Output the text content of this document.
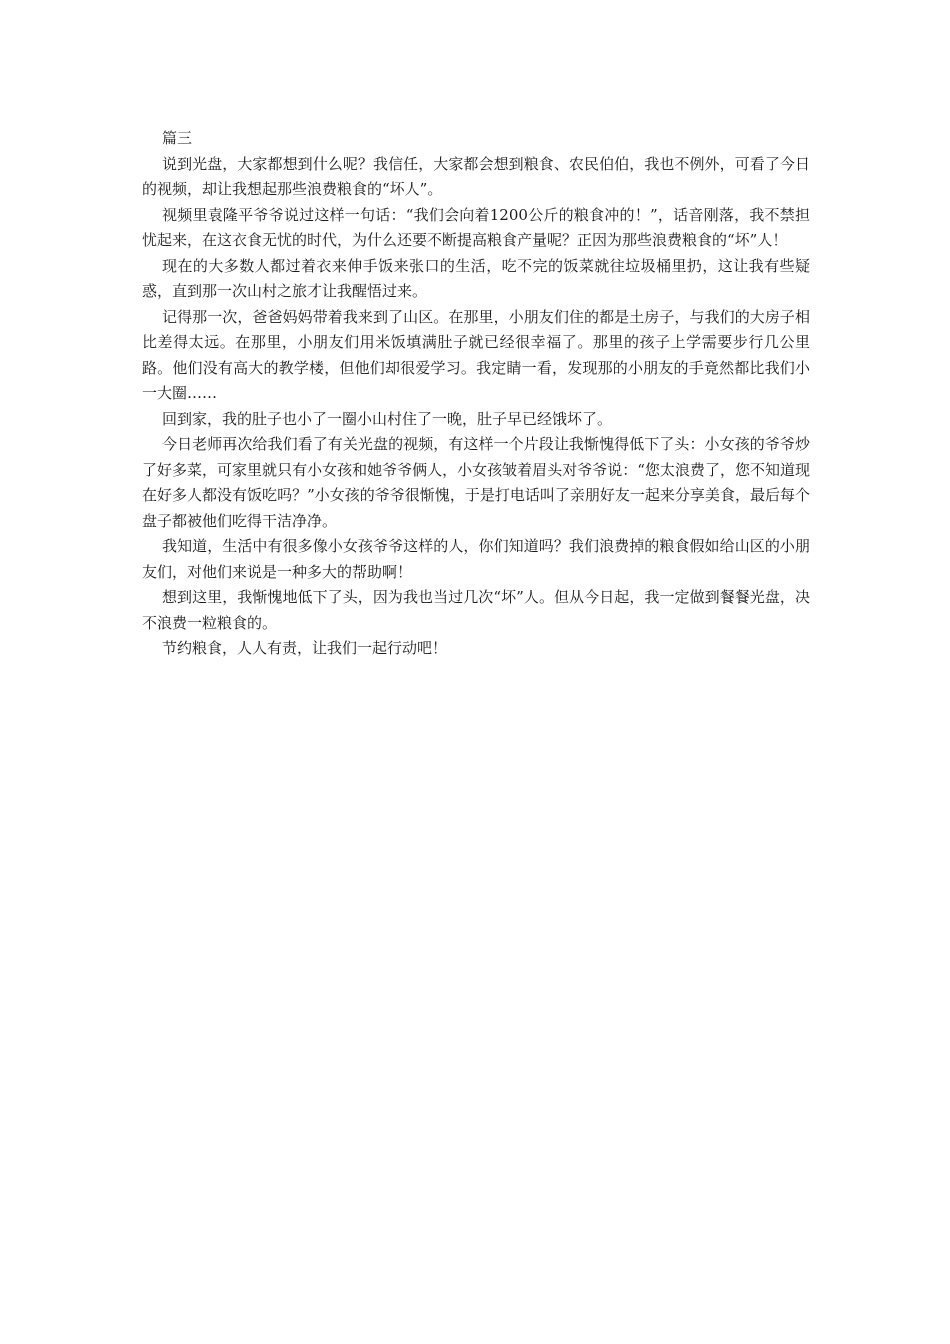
篇三

说到光盘，大家都想到什么呢？我信任，大家都会想到粮食、农民伯伯，我也不例外，可看了今日的视频，却让我想起那些浪费粮食的“坏人”。

视频里袁隆平爷爷说过这样一句话：“我们会向着1200公斤的粮食冲的！”，话音刚落，我不禁担忧起来，在这衣食无忧的时代，为什么还要不断提高粮食产量呢？正因为那些浪费粮食的“坏”人！

现在的大多数人都过着衣来伸手饭来张口的生活，吃不完的饭菜就往垃圾桶里扔，这让我有些疑惑，直到那一次山村之旅才让我醒悟过来。

记得那一次，爸爸妈妈带着我来到了山区。在那里，小朋友们住的都是土房子，与我们的大房子相比差得太远。在那里，小朋友们用米饭填满肚子就已经很幸福了。那里的孩子上学需要步行几公里路。他们没有高大的教学楼，但他们却很爱学习。我定睛一看，发现那的小朋友的手竟然都比我们小一大圈……

回到家，我的肚子也小了一圈小山村住了一晚，肚子早已经饿坏了。

今日老师再次给我们看了有关光盘的视频，有这样一个片段让我惭愧得低下了头：小女孩的爷爷炒了好多菜，可家里就只有小女孩和她爷爷俩人，小女孩皱着眉头对爷爷说：“您太浪费了，您不知道现在好多人都没有饭吃吗？”小女孩的爷爷很惭愧，于是打电话叫了亲朋好友一起来分享美食，最后每个盘子都被他们吃得干洁净净。

我知道，生活中有很多像小女孩爷爷这样的人，你们知道吗？我们浪费掉的粮食假如给山区的小朋友们，对他们来说是一种多大的帮助啊！

想到这里，我惭愧地低下了头，因为我也当过几次“坏”人。但从今日起，我一定做到餐餐光盘，决不浪费一粒粮食的。

节约粮食，人人有责，让我们一起行动吧！
